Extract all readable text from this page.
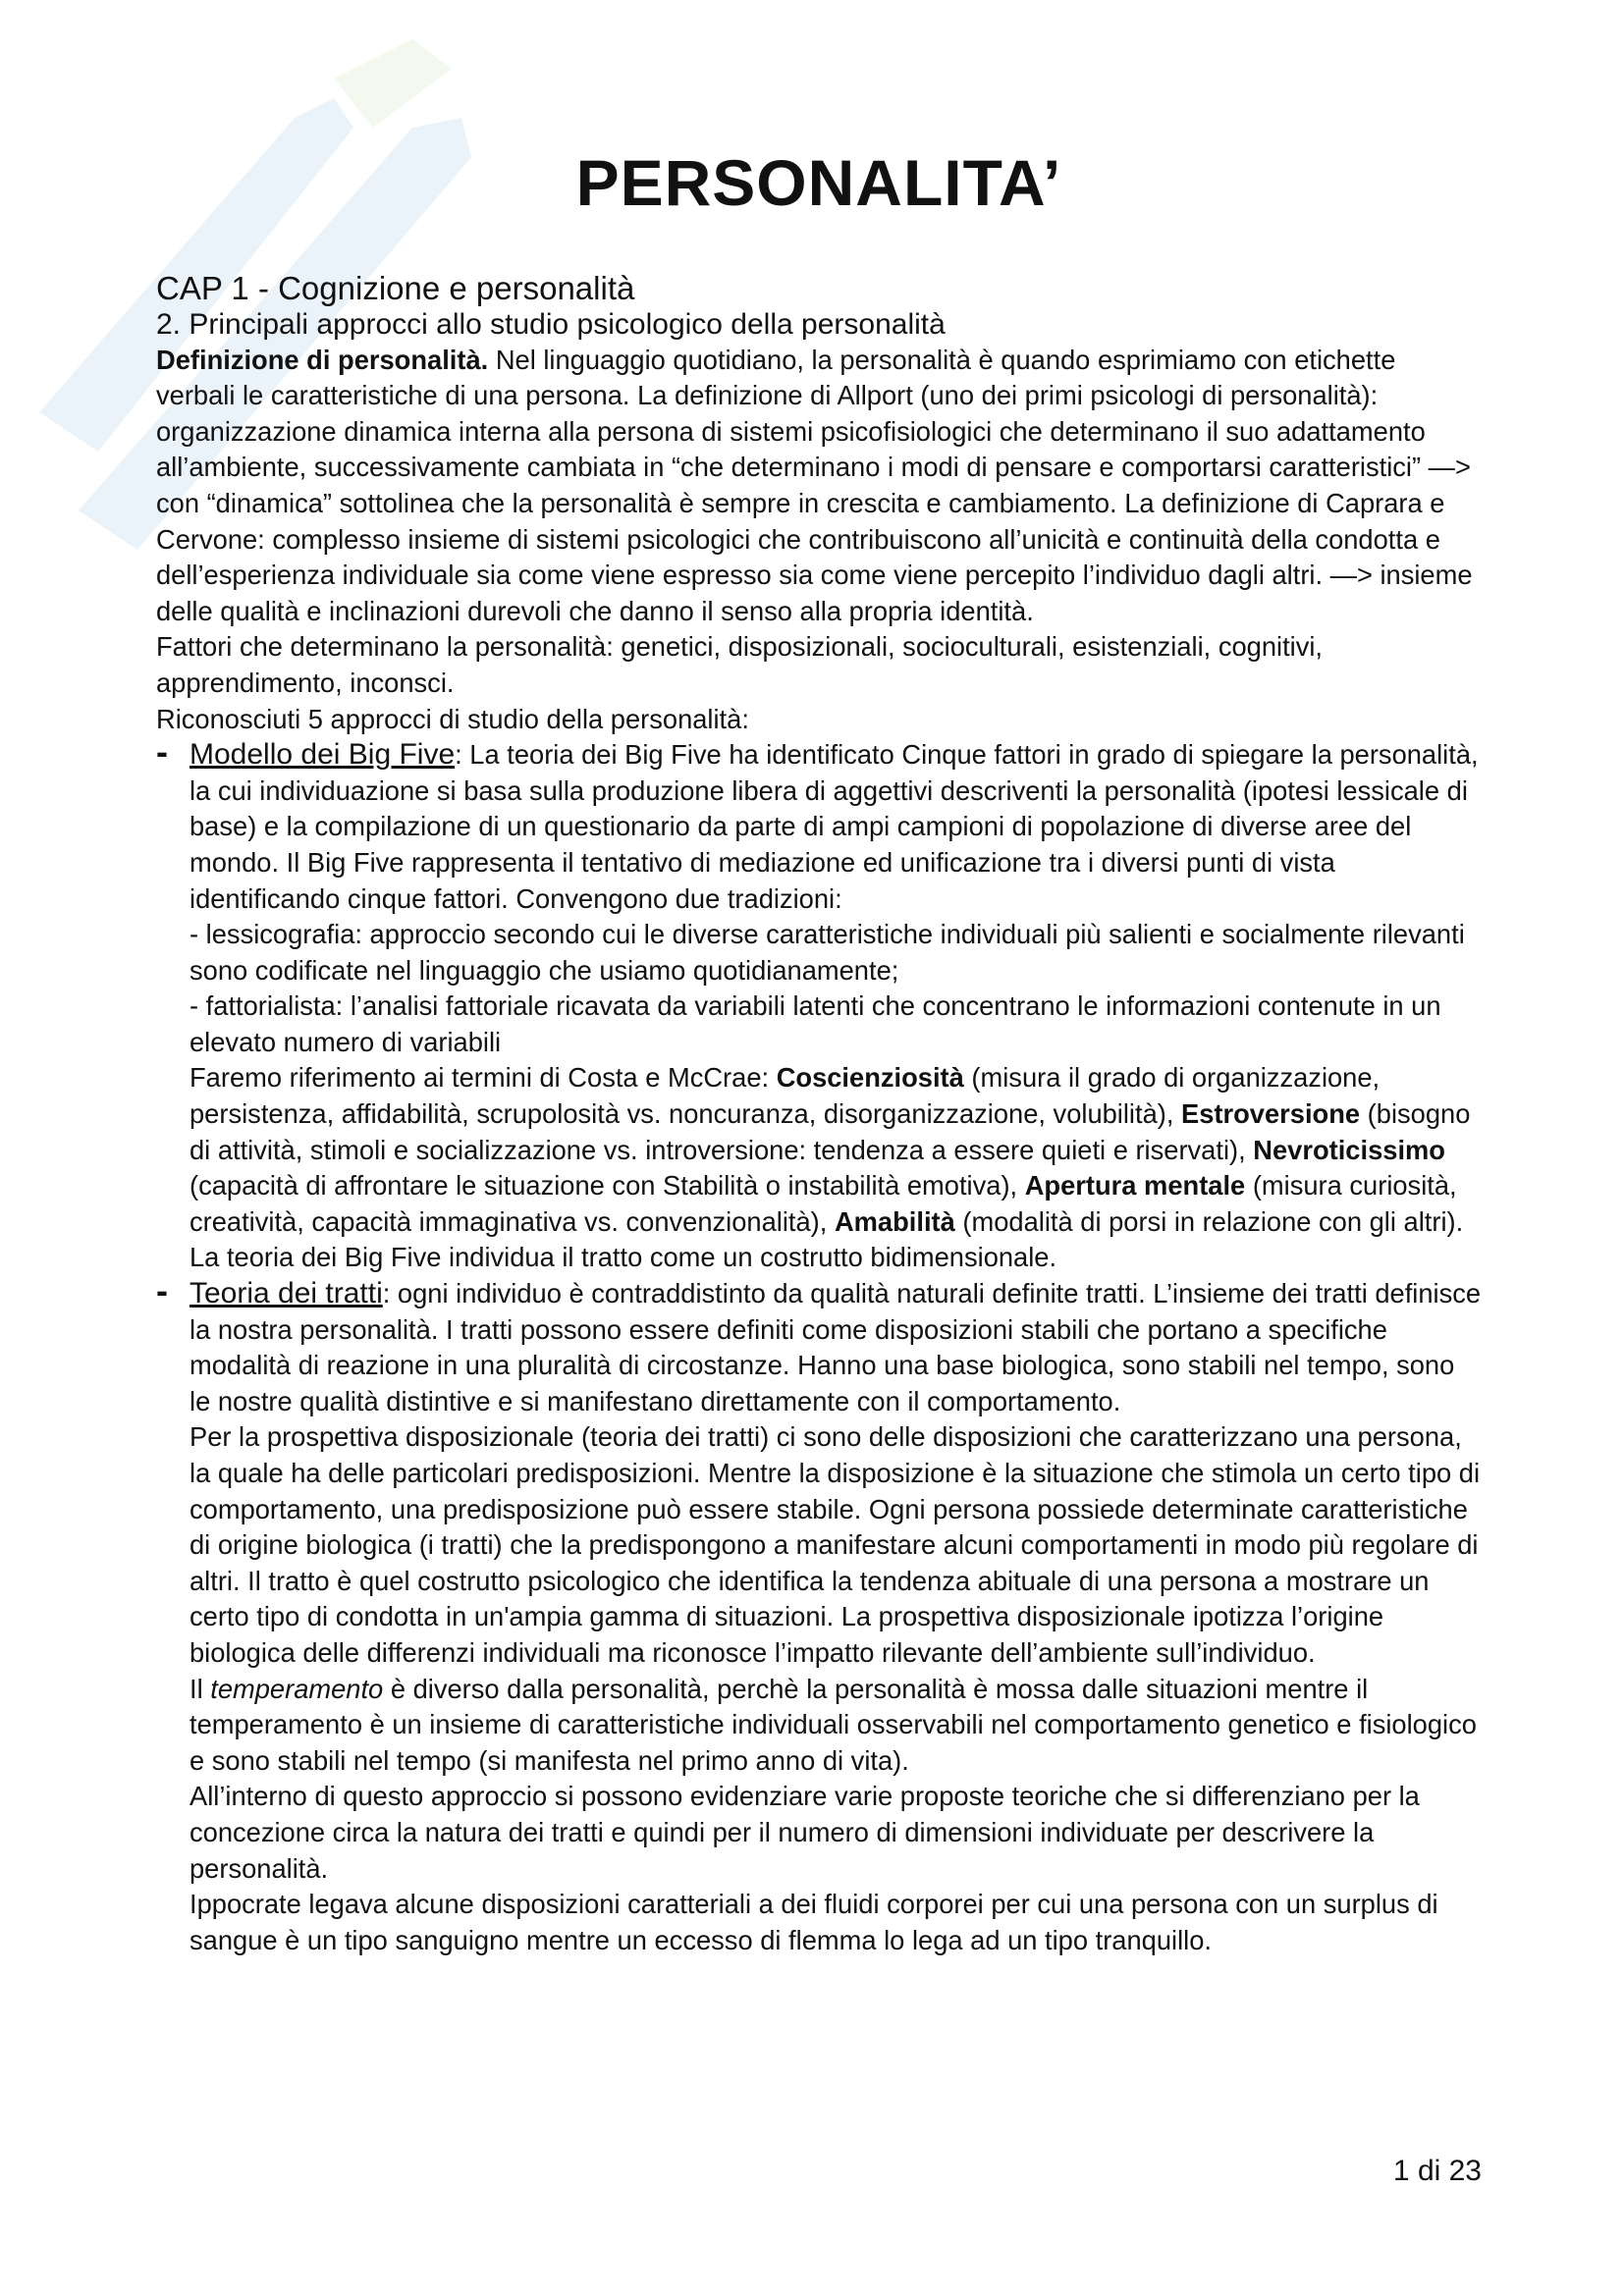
PERSONALITA’

CAP 1 - Cognizione e personalità

2. Principali approcci allo studio psicologico della personalità

Definizione di personalità. Nel linguaggio quotidiano, la personalità è quando esprimiamo con etichette verbali le caratteristiche di una persona. La definizione di Allport (uno dei primi psicologi di personalità): organizzazione dinamica interna alla persona di sistemi psicofisiologici che determinano il suo adattamento all’ambiente, successivamente cambiata in “che determinano i modi di pensare e comportarsi caratteristici” —> con “dinamica” sottolinea che la personalità è sempre in crescita e cambiamento. La definizione di Caprara e Cervone: complesso insieme di sistemi psicologici che contribuiscono all’unicità e continuità della condotta e dell’esperienza individuale sia come viene espresso sia come viene percepito l’individuo dagli altri. —> insieme delle qualità e inclinazioni durevoli che danno il senso alla propria identità.

Fattori che determinano la personalità: genetici, disposizionali, socioculturali, esistenziali, cognitivi, apprendimento, inconsci.

Riconosciuti 5 approcci di studio della personalità:

- Modello dei Big Five: La teoria dei Big Five ha identificato Cinque fattori in grado di spiegare la personalità, la cui individuazione si basa sulla produzione libera di aggettivi descriventi la personalità (ipotesi lessicale di base) e la compilazione di un questionario da parte di ampi campioni di popolazione di diverse aree del mondo. Il Big Five rappresenta il tentativo di mediazione ed unificazione tra i diversi punti di vista identificando cinque fattori. Convengono due tradizioni:

- lessicografia: approccio secondo cui le diverse caratteristiche individuali più salienti e socialmente rilevanti sono codificate nel linguaggio che usiamo quotidianamente;

- fattorialista: l’analisi fattoriale ricavata da variabili latenti che concentrano le informazioni contenute in un elevato numero di variabili

Faremo riferimento ai termini di Costa e McCrae: Coscienziosità (misura il grado di organizzazione, persistenza, affidabilità, scrupolosità vs. noncuranza, disorganizzazione, volubilità), Estroversione (bisogno di attività, stimoli e socializzazione vs. introversione: tendenza a essere quieti e riservati), Nevroticissimo (capacità di affrontare le situazione con Stabilità o instabilità emotiva), Apertura mentale (misura curiosità, creatività, capacità immaginativa vs. convenzionalità), Amabilità (modalità di porsi in relazione con gli altri). La teoria dei Big Five individua il tratto come un costrutto bidimensionale.

- Teoria dei tratti: ogni individuo è contraddistinto da qualità naturali definite tratti. L’insieme dei tratti definisce la nostra personalità. I tratti possono essere definiti come disposizioni stabili che portano a specifiche modalità di reazione in una pluralità di circostanze. Hanno una base biologica, sono stabili nel tempo, sono le nostre qualità distintive e si manifestano direttamente con il comportamento.

Per la prospettiva disposizionale (teoria dei tratti) ci sono delle disposizioni che caratterizzano una persona, la quale ha delle particolari predisposizioni. Mentre la disposizione è la situazione che stimola un certo tipo di comportamento, una predisposizione può essere stabile. Ogni persona possiede determinate caratteristiche di origine biologica (i tratti) che la predispongono a manifestare alcuni comportamenti in modo più regolare di altri. Il tratto è quel costrutto psicologico che identifica la tendenza abituale di una persona a mostrare un certo tipo di condotta in un'ampia gamma di situazioni. La prospettiva disposizionale ipotizza l’origine biologica delle differenzi individuali ma riconosce l’impatto rilevante dell’ambiente sull’individuo.

Il temperamento è diverso dalla personalità, perchè la personalità è mossa dalle situazioni mentre il temperamento è un insieme di caratteristiche individuali osservabili nel comportamento genetico e fisiologico e sono stabili nel tempo (si manifesta nel primo anno di vita).

All’interno di questo approccio si possono evidenziare varie proposte teoriche che si differenziano per la concezione circa la natura dei tratti e quindi per il numero di dimensioni individuate per descrivere la personalità.

Ippocrate legava alcune disposizioni caratteriali a dei fluidi corporei per cui una persona con un surplus di sangue è un tipo sanguigno mentre un eccesso di flemma lo lega ad un tipo tranquillo.

1 di 23
